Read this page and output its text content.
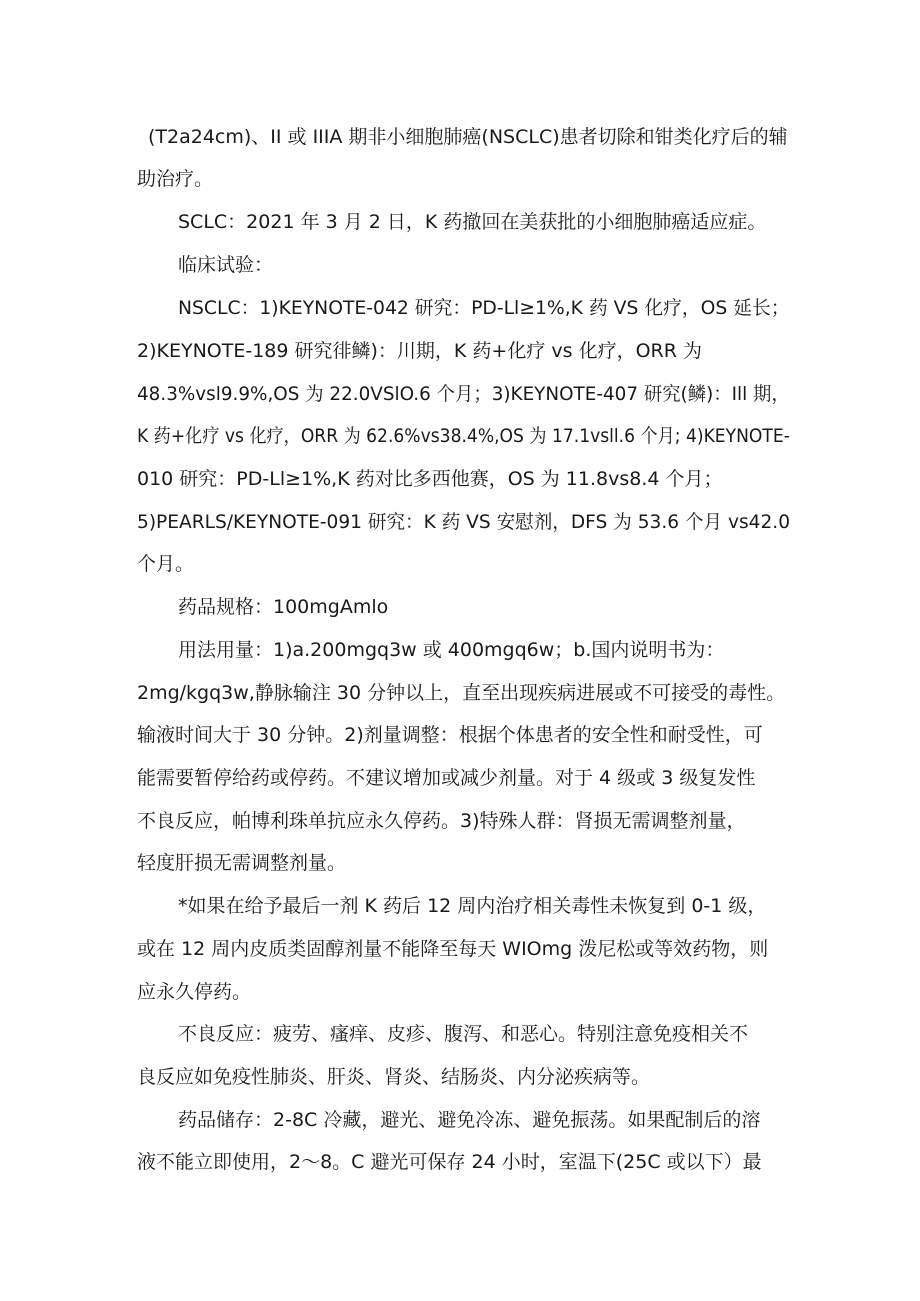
(T2a24cm)、II 或 IIIA 期非小细胞肺癌(NSCLC)患者切除和钳类化疗后的辅

助治疗。

SCLC：2021 年 3 月 2 日，K 药撤回在美获批的小细胞肺癌适应症。

临床试验：

NSCLC：1)KEYNOTE-042 研究：PD-Ll≥1%,K 药 VS 化疗，OS 延长；

2)KEYNOTE-189 研究徘鳞)：川期，K 药+化疗 vs 化疗，ORR 为

48.3%vsl9.9%,OS 为 22.0VSlO.6 个月；3)KEYNOTE-407 研究(鳞)：Ill 期，

K 药+化疗 vs 化疗，ORR 为 62.6%vs38.4%,OS 为 17.1vsll.6 个月; 4)KEYNOTE-

010 研究：PD-Ll≥1%,K 药对比多西他赛，OS 为 11.8vs8.4 个月；

5)PEARLS/KEYNOTE-091 研究：K 药 VS 安慰剂，DFS 为 53.6 个月 vs42.0

个月。

药品规格：100mgAmlo

用法用量：1)a.200mgq3w 或 400mgq6w；b.国内说明书为：

2mg∕kgq3w,静脉输注 30 分钟以上，直至出现疾病进展或不可接受的毒性。

输液时间大于 30 分钟。2)剂量调整：根据个体患者的安全性和耐受性，可

能需要暂停给药或停药。不建议增加或减少剂量。对于 4 级或 3 级复发性

不良反应，帕博利珠单抗应永久停药。3)特殊人群：肾损无需调整剂量，

轻度肝损无需调整剂量。

*如果在给予最后一剂 K 药后 12 周内治疗相关毒性未恢复到 0-1 级，

或在 12 周内皮质类固醇剂量不能降至每天 WIOmg 泼尼松或等效药物，则

应永久停药。

不良反应：疲劳、瘙痒、皮疹、腹泻、和恶心。特别注意免疫相关不

良反应如免疫性肺炎、肝炎、肾炎、结肠炎、内分泌疾病等。

药品储存：2-8C 冷藏，避光、避免冷冻、避免振荡。如果配制后的溶

液不能立即使用，2～8。C 避光可保存 24 小时，室温下(25C 或以下）最
